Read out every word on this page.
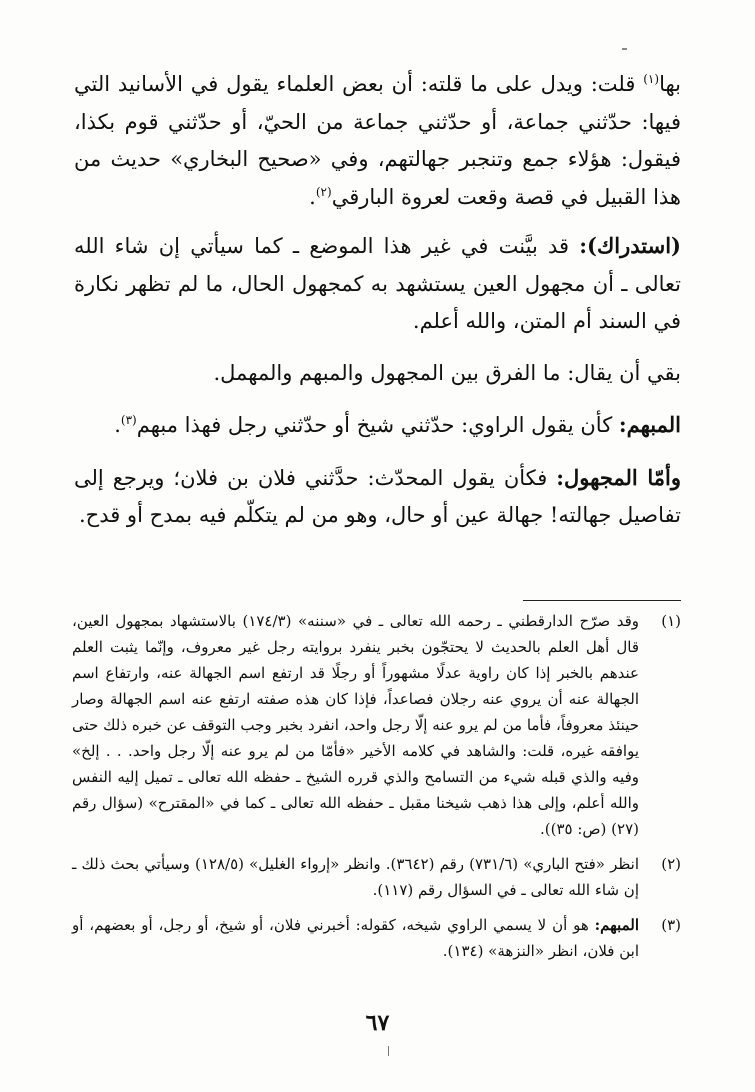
بها$^{(١)}$ قلت: ويدل على ما قلته: أن بعض العلماء يقول في الأسانيد التي فيها: حدّثني جماعة، أو حدّثني جماعة من الحيّ، أو حدّثني قوم بكذا، فيقول: هؤلاء جمع وتنجبر جهالتهم، وفي «صحيح البخاري» حديث من هذا القبيل في قصة وقعت لعروة البارقي$^{(٢)}$.

(استدراك): قد بيَّنت في غير هذا الموضع ـ كما سيأتي إن شاء الله تعالى ـ أن مجهول العين يستشهد به كمجهول الحال، ما لم تظهر نكارة في السند أم المتن، والله أعلم.

بقي أن يقال: ما الفرق بين المجهول والمبهم والمهمل.

المبهم: كأن يقول الراوي: حدّثني شيخ أو حدّثني رجل فهذا مبهم$^{(٣)}$.

وأمّا المجهول: فكأن يقول المحدّث: حدَّثني فلان بن فلان؛ ويرجع إلى تفاصيل جهالته! جهالة عين أو حال، وهو من لم يتكلّم فيه بمدح أو قدح.

(١)
وقد صرّح الدارقطني ـ رحمه الله تعالى ـ في «سننه» (١٧٤/٣) بالاستشهاد بمجهول العين، قال أهل العلم بالحديث لا يحتجّون بخبر ينفرد بروايته رجل غير معروف، وإنّما يثبت العلم عندهم بالخبر إذا كان راوية عدلًا مشهوراً أو رجلًا قد ارتفع اسم الجهالة عنه، وارتفاع اسم الجهالة عنه أن يروي عنه رجلان فصاعداً، فإذا كان هذه صفته ارتفع عنه اسم الجهالة وصار حينئذ معروفاً، فأما من لم يرو عنه إلّا رجل واحد، انفرد بخبر وجب التوقف عن خبره ذلك حتى يوافقه غيره، قلت: والشاهد في كلامه الأخير «فأمّا من لم يرو عنه إلّا رجل واحد. . . إلخ» وفيه والذي قبله شيء من التسامح والذي قرره الشيخ ـ حفظه الله تعالى ـ تميل إليه النفس والله أعلم، وإلى هذا ذهب شيخنا مقبل ـ حفظه الله تعالى ـ كما في «المقترح» (سؤال رقم (٢٧) (ص: ٣٥)).
(٢)
انظر «فتح الباري» (٧٣١/٦) رقم (٣٦٤٢). وانظر «إرواء الغليل» (١٢٨/٥) وسيأتي بحث ذلك ـ إن شاء الله تعالى ـ في السؤال رقم (١١٧).
(٣)
المبهم: هو أن لا يسمي الراوي شيخه، كقوله: أخبرني فلان، أو شيخ، أو رجل، أو بعضهم، أو ابن فلان، انظر «النزهة» (١٣٤).
٦٧
